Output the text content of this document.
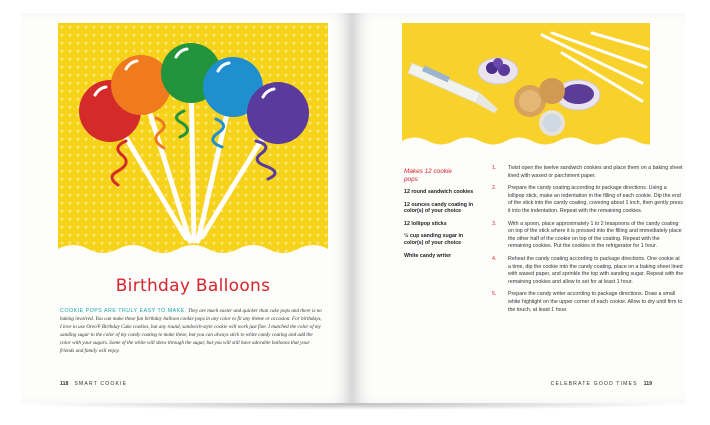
Birthday Balloons

COOKIE POPS ARE TRULY EASY TO MAKE. They are much easier and quicker than cake pops and there is no baking involved. You can make these fun birthday balloon cookie pops in any color to fit any theme or occasion. For birthdays, I love to use Oreo® Birthday Cake cookies, but any round, sandwich-style cookie will work just fine. I matched the color of my sanding sugar to the color of my candy coating to make these, but you can always stick to white candy coating and add the color with your sugars. Some of the white will show through the sugar, but you will still have adorable balloons that your friends and family will enjoy.

118 SMART COOKIE
Makes 12 cookie pops
12 round sandwich cookies
12 ounces candy coating in color(s) of your choice
12 lollipop sticks
½ cup sanding sugar in color(s) of your choice
White candy writer
1. Twist open the twelve sandwich cookies and place them on a baking sheet lined with waxed or parchment paper.
2. Prepare the candy coating according to package directions. Using a lollipop stick, make an indentation in the filling of each cookie. Dip the end of the stick into the candy coating, covering about 1 inch, then gently press it into the indentation. Repeat with the remaining cookies.
3. With a spoon, place approximately 1 to 2 teaspoons of the candy coating on top of the stick where it is pressed into the filling and immediately place the other half of the cookie on top of the coating. Repeat with the remaining cookies. Put the cookies in the refrigerator for 1 hour.
4. Reheat the candy coating according to package directions. One cookie at a time, dip the cookie into the candy coating, place on a baking sheet lined with waxed paper, and sprinkle the top with sanding sugar. Repeat with the remaining cookies and allow to set for at least 1 hour.
5. Prepare the candy writer according to package directions. Draw a small white highlight on the upper corner of each cookie. Allow to dry until firm to the touch, at least 1 hour.
CELEBRATE GOOD TIMES 119
